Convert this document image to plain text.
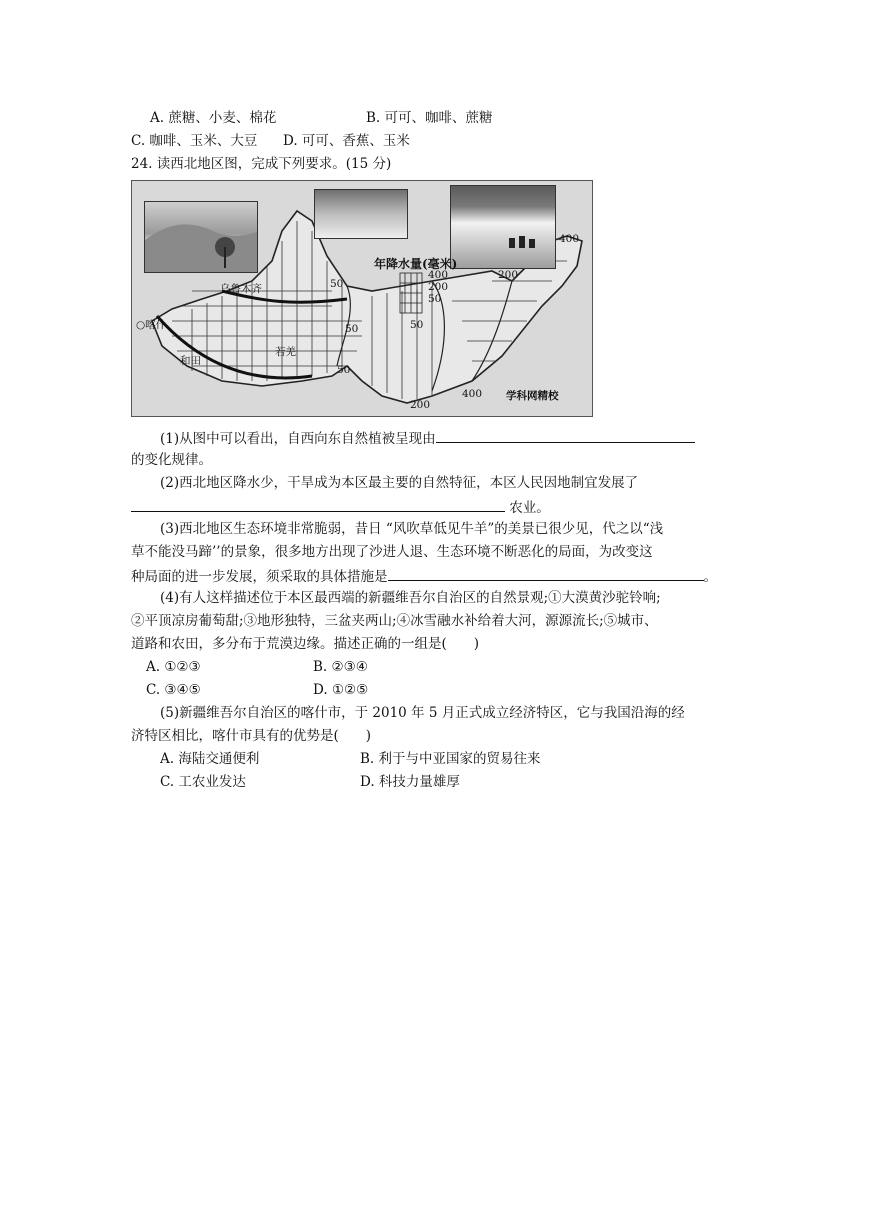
A. 蔗糖、小麦、棉花	B. 可可、咖啡、蔗糖
C. 咖啡、玉米、大豆 D. 可可、香蕉、玉米
24. 读西北地区图，完成下列要求。(15 分)
乌鲁木齐
○喀什
和田
若羌
年降水量(毫米)
400
200
50
50
50
50
50
200
200
400
400
学科网精校
(1)从图中可以看出，自西向东自然植被呈现由
的变化规律。
(2)西北地区降水少，干旱成为本区最主要的自然特征，本区人民因地制宜发展了
农业。
(3)西北地区生态环境非常脆弱，昔日 “风吹草低见牛羊”的美景已很少见，代之以“浅
草不能没马蹄’’的景象，很多地方出现了沙进人退、生态环境不断恶化的局面，为改变这
种局面的进一步发展，须采取的具体措施是	。
(4)有人这样描述位于本区最西端的新疆维吾尔自治区的自然景观;①大漠黄沙驼铃响;
②平顶凉房葡萄甜;③地形独特，三盆夹两山;④冰雪融水补给着大河，源源流长;⑤城市、
道路和农田，多分布于荒漠边缘。描述正确的一组是(　　)
A. ①②③	B. ②③④
C. ③④⑤	D. ①②⑤
(5)新疆维吾尔自治区的喀什市，于 2010 年 5 月正式成立经济特区，它与我国沿海的经
济特区相比，喀什市具有的优势是(　　)
A. 海陆交通便利	B. 利于与中亚国家的贸易往来
C. 工农业发达	D. 科技力量雄厚
